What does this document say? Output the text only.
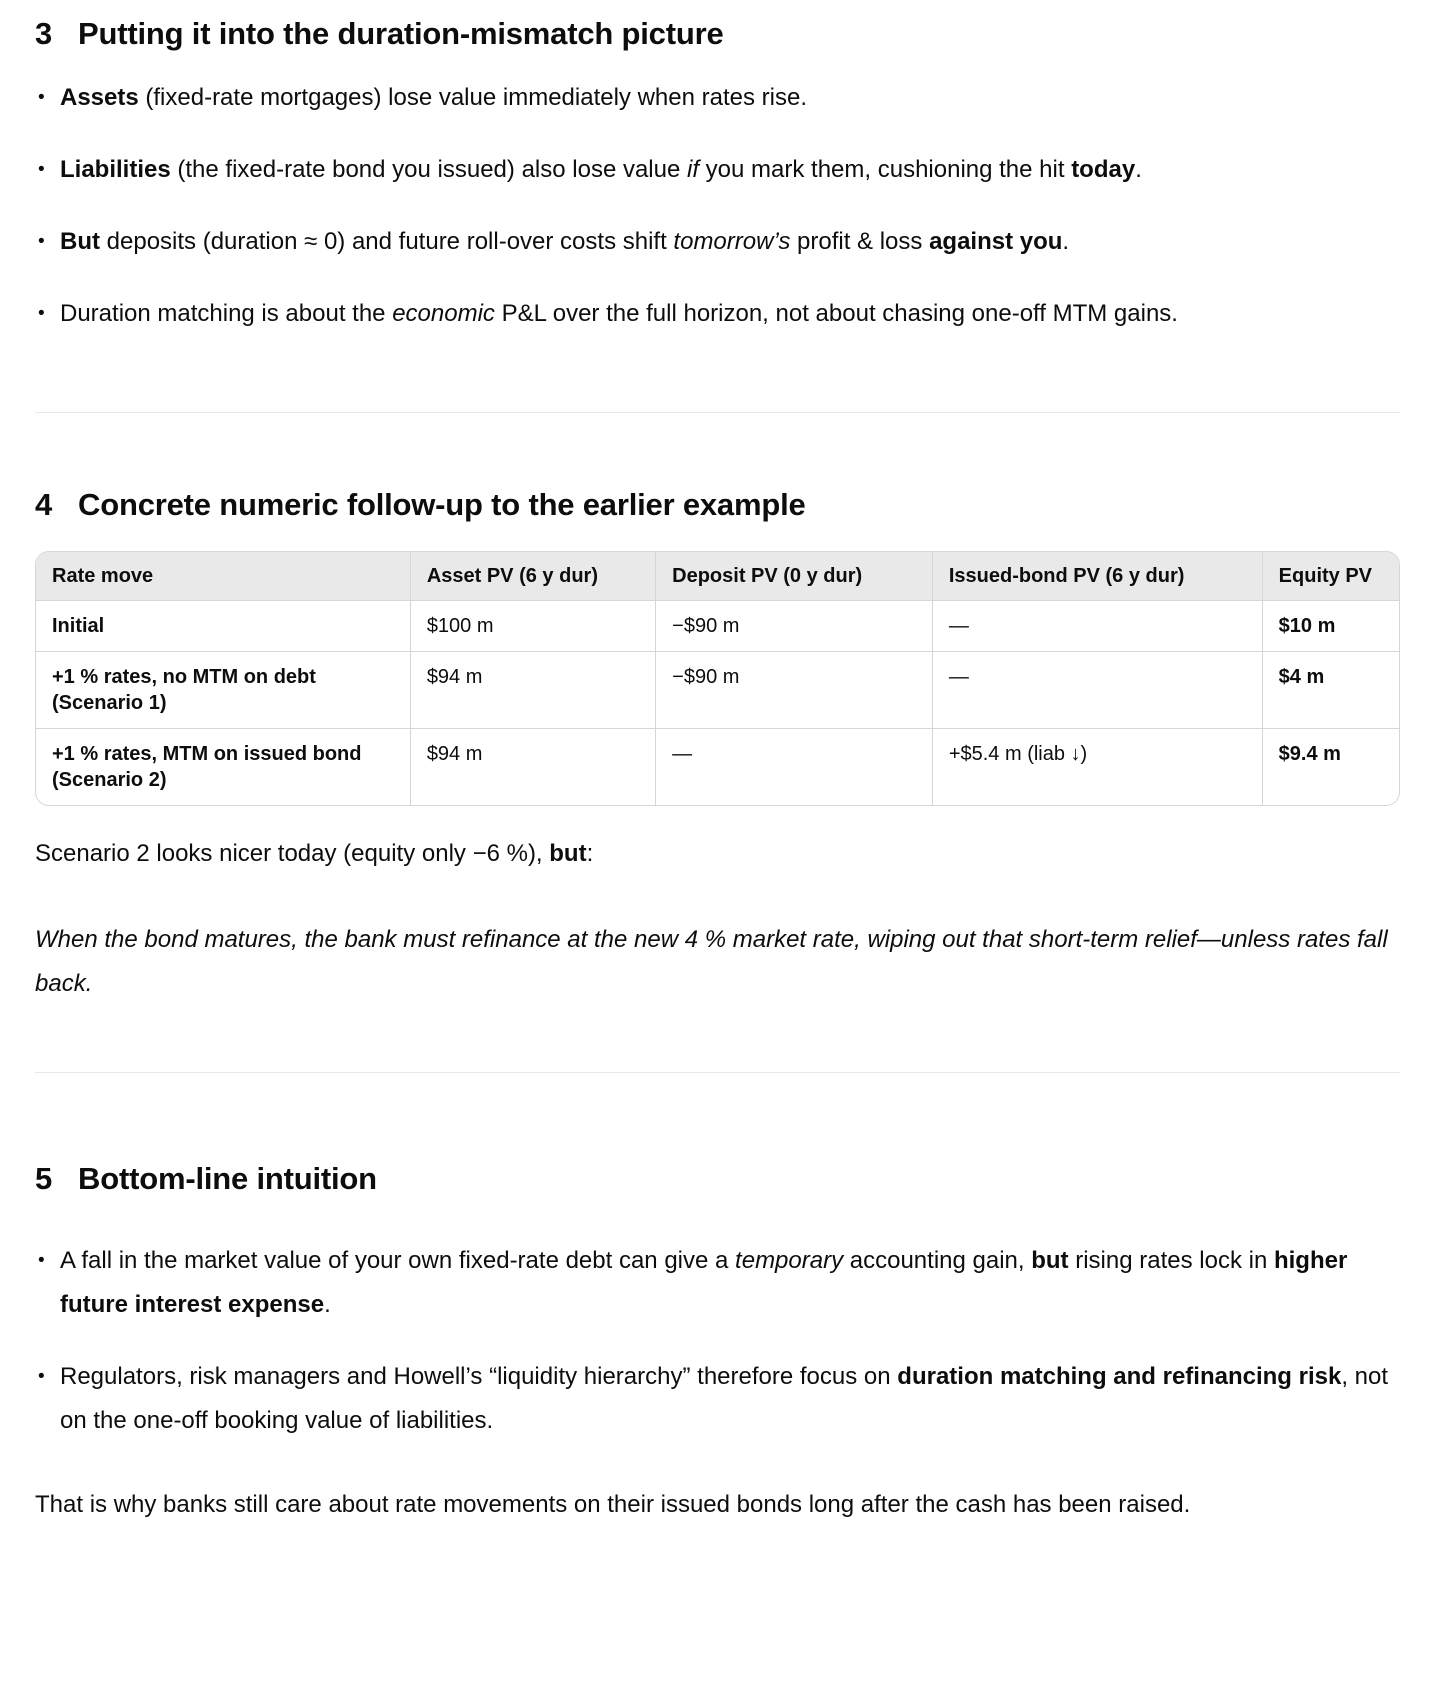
3 Putting it into the duration-mismatch picture
• Assets (fixed-rate mortgages) lose value immediately when rates rise.

• Liabilities (the fixed-rate bond you issued) also lose value if you mark them, cushioning the hit today.

• But deposits (duration ≈ 0) and future roll-over costs shift tomorrow’s profit & loss against you.

• Duration matching is about the economic P&L over the full horizon, not about chasing one-off MTM gains.

4 Concrete numeric follow-up to the earlier example
Rate move	Asset PV (6 y dur)	Deposit PV (0 y dur)	Issued-bond PV (6 y dur)	Equity PV
Initial	$100 m	−$90 m	—	$10 m
+1 % rates, no MTM on debt (Scenario 1)	$94 m	−$90 m	—	$4 m
+1 % rates, MTM on issued bond (Scenario 2)	$94 m	—	+$5.4 m (liab ↓)	$9.4 m

Scenario 2 looks nicer today (equity only −6 %), but:

When the bond matures, the bank must refinance at the new 4 % market rate, wiping out that short-term relief—unless rates fall back.

5 Bottom-line intuition
• A fall in the market value of your own fixed-rate debt can give a temporary accounting gain, but rising rates lock in higher future interest expense.

• Regulators, risk managers and Howell’s “liquidity hierarchy” therefore focus on duration matching and refinancing risk, not on the one-off booking value of liabilities.

That is why banks still care about rate movements on their issued bonds long after the cash has been raised.
